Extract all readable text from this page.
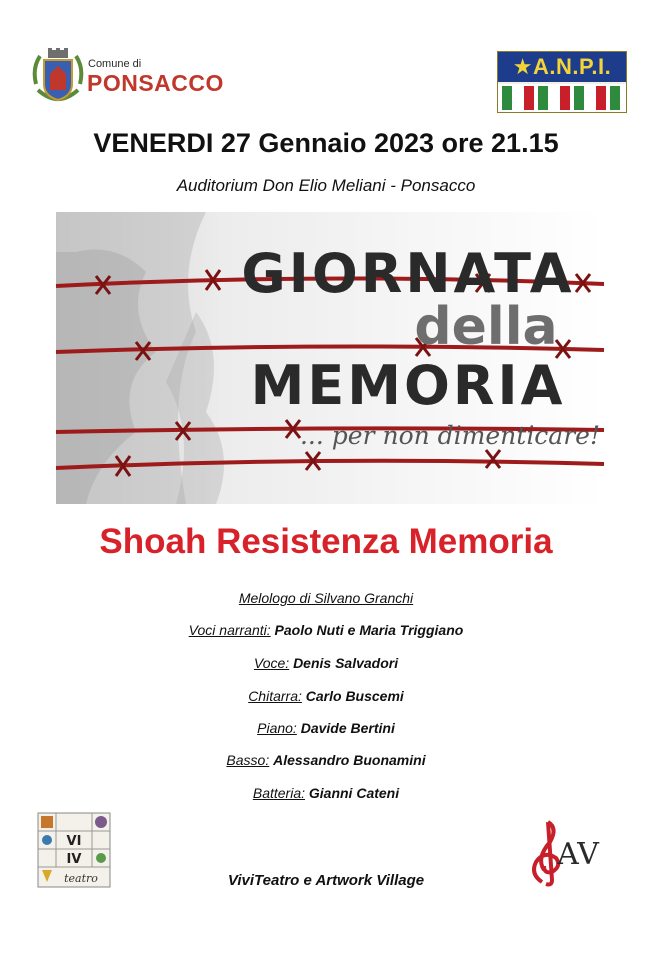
Comune di
PONSACCO
★A.N.P.I.
VENERDI 27 Gennaio 2023 ore 21.15
Auditorium Don Elio Meliani - Ponsacco
GIORNATA
della
MEMORIA
... per non dimenticare!
Shoah Resistenza Memoria
Melologo di Silvano Granchi
Voci narranti: Paolo Nuti e Maria Triggiano
Voce: Denis Salvadori
Chitarra: Carlo Buscemi
Piano: Davide Bertini
Basso: Alessandro Buonamini
Batteria: Gianni Cateni
VI
IV
teatro
AV
ViviTeatro e Artwork Village
